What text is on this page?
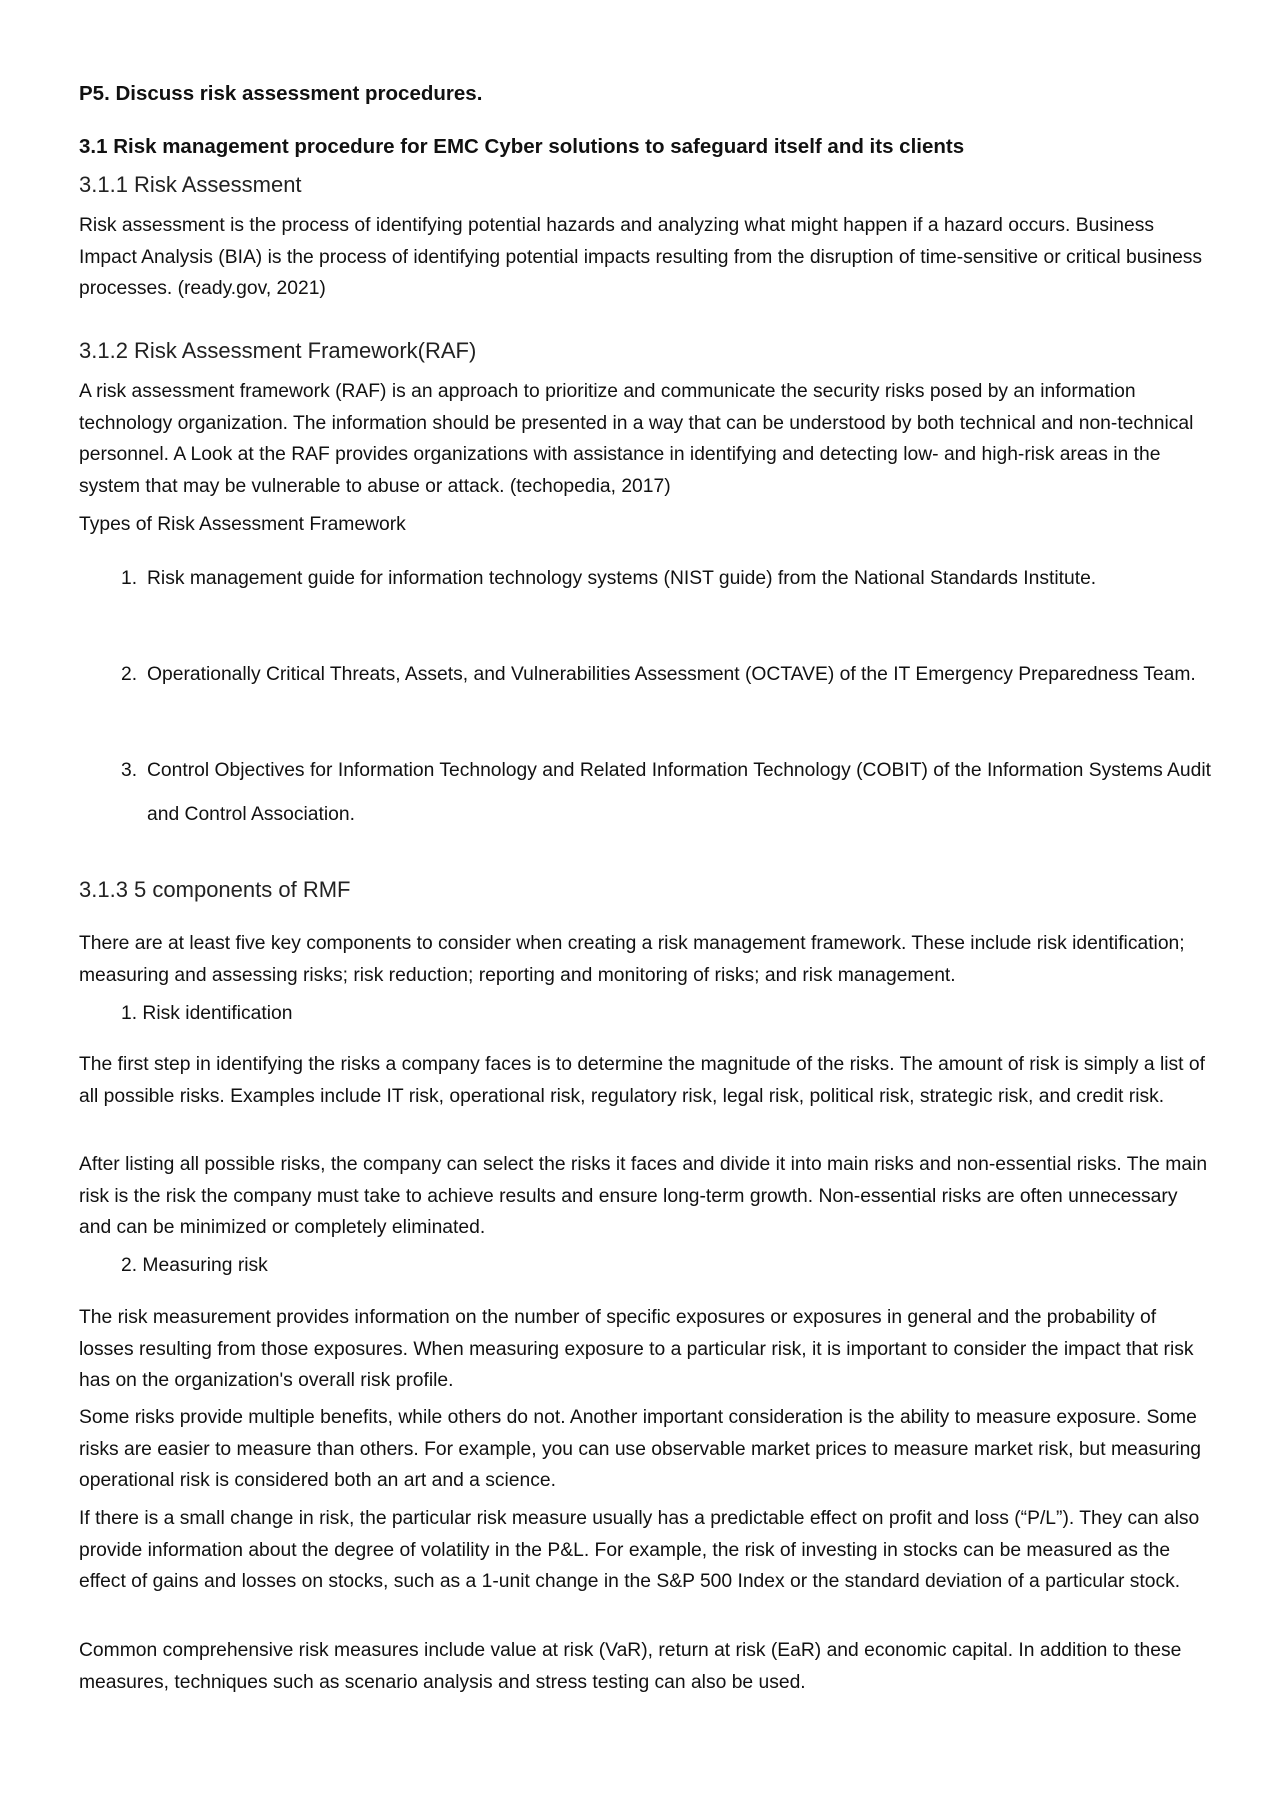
P5. Discuss risk assessment procedures.
3.1 Risk management procedure for EMC Cyber solutions to safeguard itself and its clients
3.1.1 Risk Assessment
Risk assessment is the process of identifying potential hazards and analyzing what might happen if a hazard occurs. Business Impact Analysis (BIA) is the process of identifying potential impacts resulting from the disruption of time-sensitive or critical business processes. (ready.gov, 2021)
3.1.2 Risk Assessment Framework(RAF)
A risk assessment framework (RAF) is an approach to prioritize and communicate the security risks posed by an information technology organization. The information should be presented in a way that can be understood by both technical and non-technical personnel. A Look at the RAF provides organizations with assistance in identifying and detecting low- and high-risk areas in the system that may be vulnerable to abuse or attack. (techopedia, 2017)
Types of Risk Assessment Framework
1. Risk management guide for information technology systems (NIST guide) from the National Standards Institute.
2. Operationally Critical Threats, Assets, and Vulnerabilities Assessment (OCTAVE) of the IT Emergency Preparedness Team.
3. Control Objectives for Information Technology and Related Information Technology (COBIT) of the Information Systems Audit and Control Association.
3.1.3 5 components of RMF
There are at least five key components to consider when creating a risk management framework. These include risk identification; measuring and assessing risks; risk reduction; reporting and monitoring of risks; and risk management.
1. Risk identification
The first step in identifying the risks a company faces is to determine the magnitude of the risks. The amount of risk is simply a list of all possible risks. Examples include IT risk, operational risk, regulatory risk, legal risk, political risk, strategic risk, and credit risk.
After listing all possible risks, the company can select the risks it faces and divide it into main risks and non-essential risks. The main risk is the risk the company must take to achieve results and ensure long-term growth. Non-essential risks are often unnecessary and can be minimized or completely eliminated.
2. Measuring risk
The risk measurement provides information on the number of specific exposures or exposures in general and the probability of losses resulting from those exposures. When measuring exposure to a particular risk, it is important to consider the impact that risk has on the organization's overall risk profile.
Some risks provide multiple benefits, while others do not. Another important consideration is the ability to measure exposure. Some risks are easier to measure than others. For example, you can use observable market prices to measure market risk, but measuring operational risk is considered both an art and a science.
If there is a small change in risk, the particular risk measure usually has a predictable effect on profit and loss (“P/L”). They can also provide information about the degree of volatility in the P&L. For example, the risk of investing in stocks can be measured as the effect of gains and losses on stocks, such as a 1-unit change in the S&P 500 Index or the standard deviation of a particular stock.
Common comprehensive risk measures include value at risk (VaR), return at risk (EaR) and economic capital. In addition to these measures, techniques such as scenario analysis and stress testing can also be used.
